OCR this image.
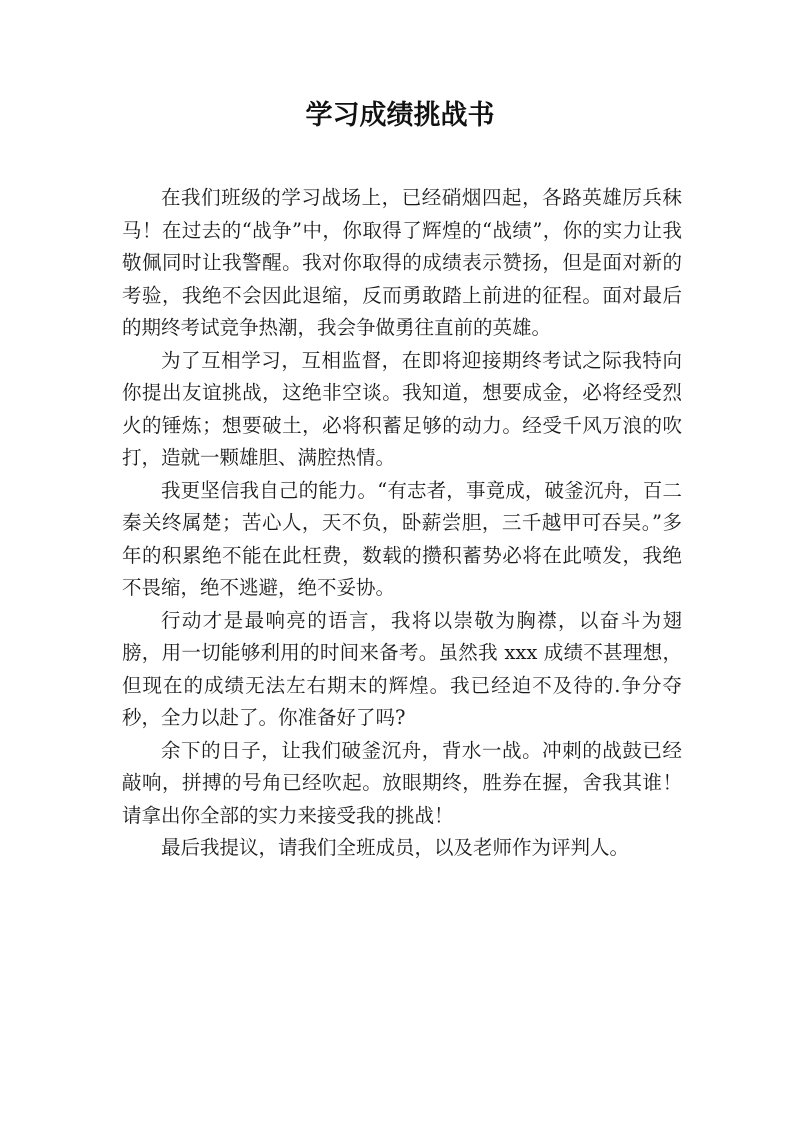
学习成绩挑战书

在我们班级的学习战场上，已经硝烟四起，各路英雄厉兵秣马！在过去的“战争”中，你取得了辉煌的“战绩”，你的实力让我敬佩同时让我警醒。我对你取得的成绩表示赞扬，但是面对新的考验，我绝不会因此退缩，反而勇敢踏上前进的征程。面对最后的期终考试竞争热潮，我会争做勇往直前的英雄。

为了互相学习，互相监督，在即将迎接期终考试之际我特向你提出友谊挑战，这绝非空谈。我知道，想要成金，必将经受烈火的锤炼；想要破土，必将积蓄足够的动力。经受千风万浪的吹打，造就一颗雄胆、满腔热情。

我更坚信我自己的能力。“有志者，事竟成，破釜沉舟，百二秦关终属楚；苦心人，天不负，卧薪尝胆，三千越甲可吞吴。”多年的积累绝不能在此枉费，数载的攒积蓄势必将在此喷发，我绝不畏缩，绝不逃避，绝不妥协。

行动才是最响亮的语言，我将以崇敬为胸襟，以奋斗为翅膀，用一切能够利用的时间来备考。虽然我 xxx 成绩不甚理想，但现在的成绩无法左右期末的辉煌。我已经迫不及待的.争分夺秒，全力以赴了。你准备好了吗?

余下的日子，让我们破釜沉舟，背水一战。冲刺的战鼓已经敲响，拼搏的号角已经吹起。放眼期终，胜券在握，舍我其谁！请拿出你全部的实力来接受我的挑战！

最后我提议，请我们全班成员，以及老师作为评判人。
